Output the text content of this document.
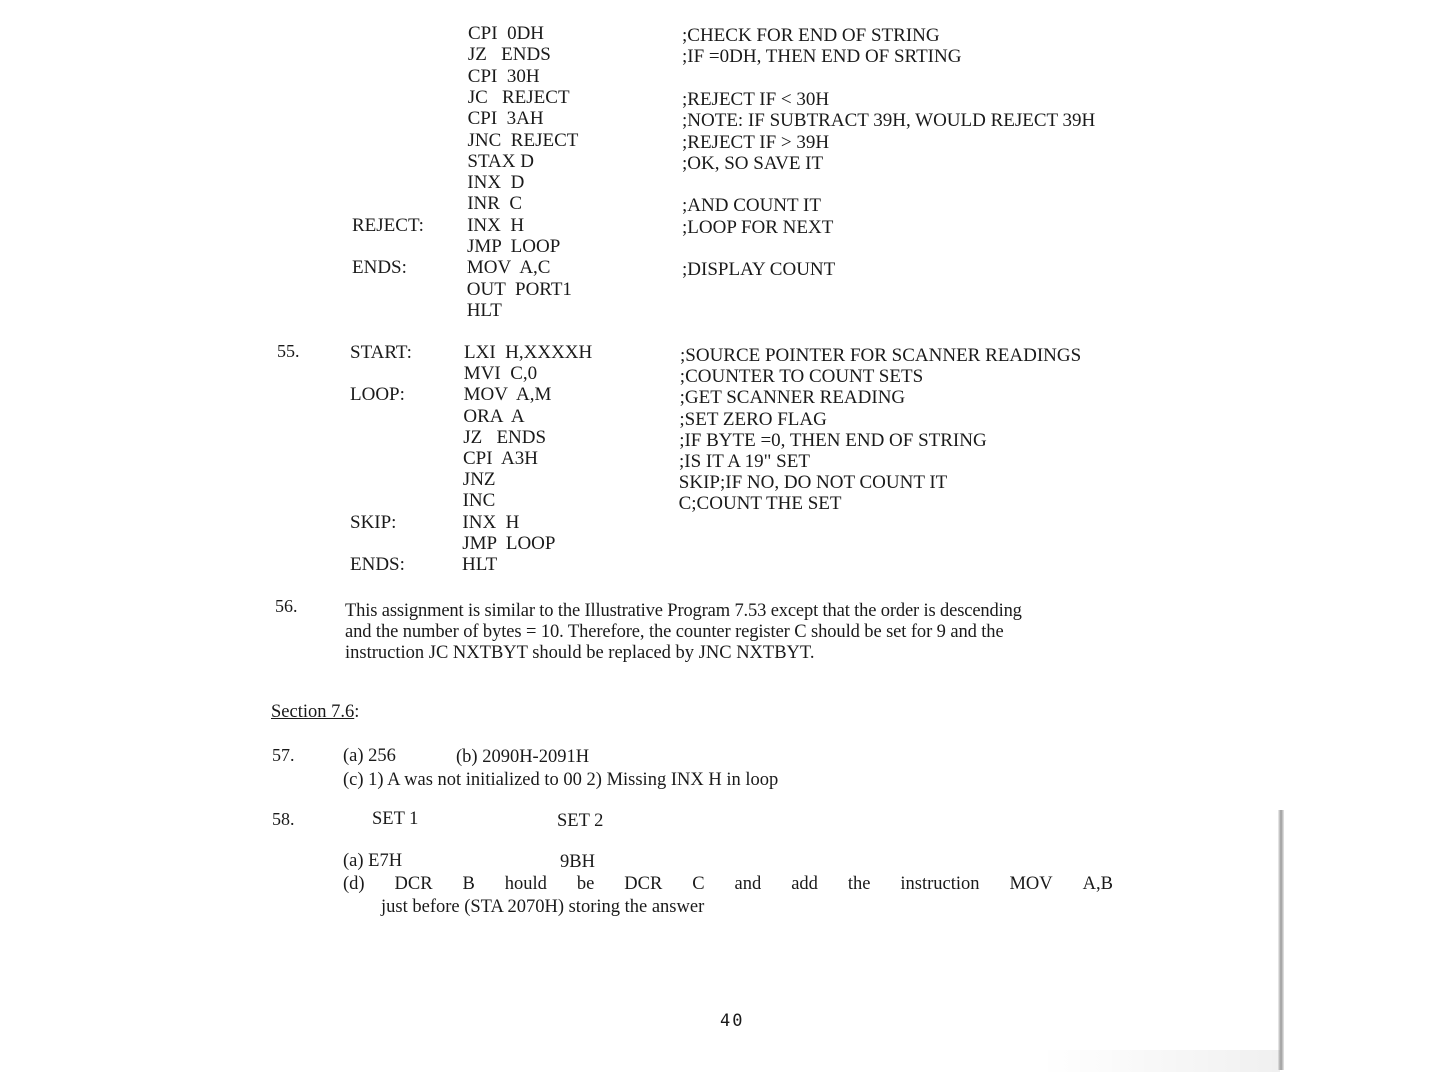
CPI  0DH	;CHECK FOR END OF STRING
JZ   ENDS	;IF =0DH, THEN END OF SRTING
CPI  30H
JC   REJECT	;REJECT IF < 30H
CPI  3AH	;NOTE: IF SUBTRACT 39H, WOULD REJECT 39H
JNC  REJECT	;REJECT IF > 39H
STAX D	;OK, SO SAVE IT
INX  D
INR  C	;AND COUNT IT
REJECT: INX  H	;LOOP FOR NEXT
JMP  LOOP
ENDS:	MOV  A,C	;DISPLAY COUNT
OUT  PORT1
HLT
55.	START:	LXI  H,XXXXH	;SOURCE POINTER FOR SCANNER READINGS
MVI  C,0	;COUNTER TO COUNT SETS
LOOP:	MOV  A,M	;GET SCANNER READING
ORA  A	;SET ZERO FLAG
JZ   ENDS	;IF BYTE =0, THEN END OF STRING
CPI  A3H	;IS IT A 19" SET
JNZ	SKIP;IF NO, DO NOT COUNT IT
INC	C;COUNT THE SET
SKIP:	INX  H
JMP  LOOP
ENDS:	HLT
56.	This assignment is similar to the Illustrative Program 7.53 except that the order is descending
and the number of bytes = 10. Therefore, the counter register C should be set for 9 and the
instruction JC NXTBYT should be replaced by JNC NXTBYT.
Section 7.6:
57.	(a) 256	(b) 2090H-2091H
(c) 1) A was not initialized to 00 2) Missing INX H in loop
58.	SET 1	SET 2
(a) E7H	9BH
(d) DCR B hould be DCR C and add the instruction MOV A,B
just before (STA 2070H) storing the answer
40
